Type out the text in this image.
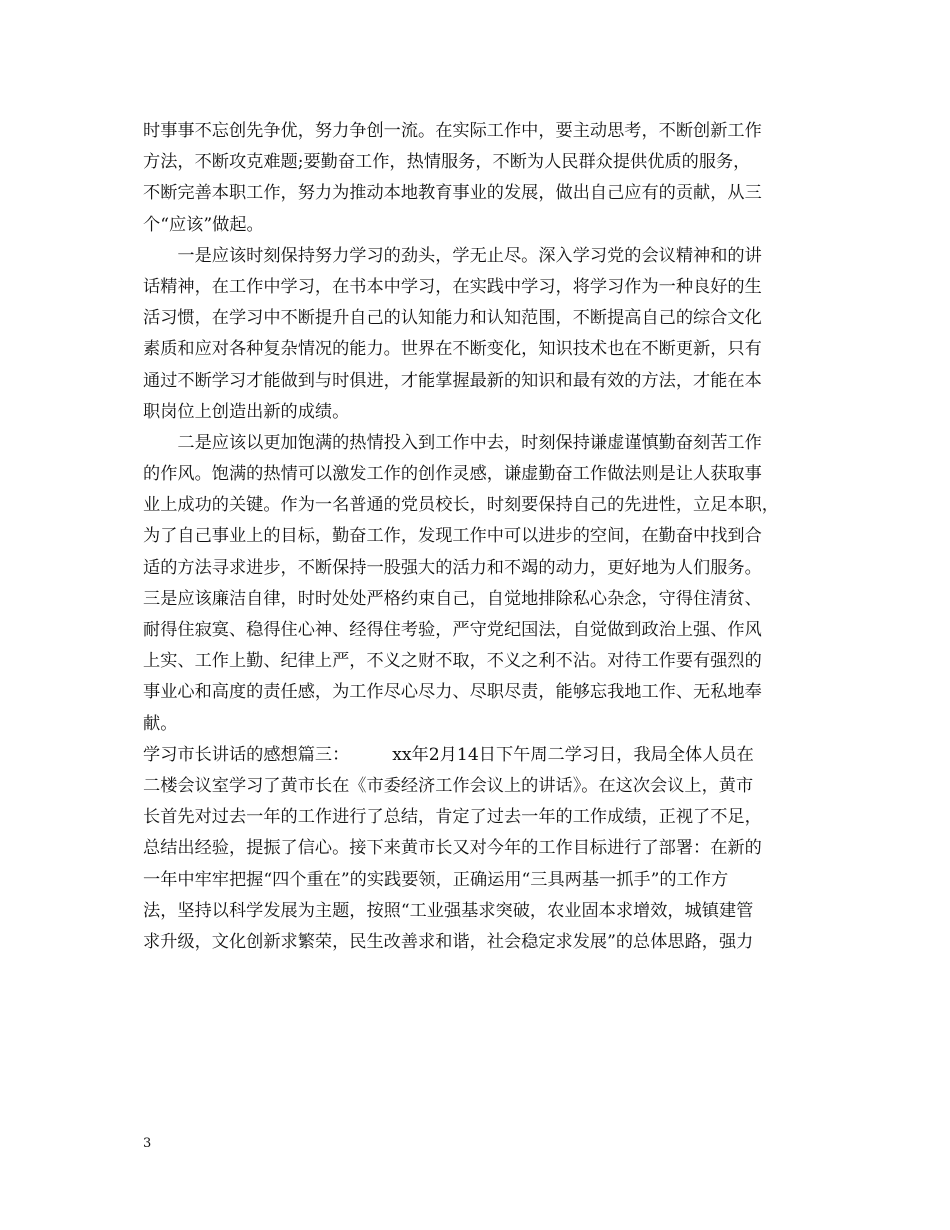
时事事不忘创先争优，努力争创一流。在实际工作中，要主动思考，不断创新工作
方法，不断攻克难题;要勤奋工作，热情服务，不断为人民群众提供优质的服务，
不断完善本职工作，努力为推动本地教育事业的发展，做出自己应有的贡献，从三
个“应该”做起。
　　一是应该时刻保持努力学习的劲头，学无止尽。深入学习党的会议精神和的讲
话精神，在工作中学习，在书本中学习，在实践中学习，将学习作为一种良好的生
活习惯，在学习中不断提升自己的认知能力和认知范围，不断提高自己的综合文化
素质和应对各种复杂情况的能力。世界在不断变化，知识技术也在不断更新，只有
通过不断学习才能做到与时俱进，才能掌握最新的知识和最有效的方法，才能在本
职岗位上创造出新的成绩。
　　二是应该以更加饱满的热情投入到工作中去，时刻保持谦虚谨慎勤奋刻苦工作
的作风。饱满的热情可以激发工作的创作灵感，谦虚勤奋工作做法则是让人获取事
业上成功的关键。作为一名普通的党员校长，时刻要保持自己的先进性，立足本职，
为了自己事业上的目标，勤奋工作，发现工作中可以进步的空间，在勤奋中找到合
适的方法寻求进步，不断保持一股强大的活力和不竭的动力，更好地为人们服务。
三是应该廉洁自律，时时处处严格约束自己，自觉地排除私心杂念，守得住清贫、
耐得住寂寞、稳得住心神、经得住考验，严守党纪国法，自觉做到政治上强、作风
上实、工作上勤、纪律上严，不义之财不取，不义之利不沾。对待工作要有强烈的
事业心和高度的责任感，为工作尽心尽力、尽职尽责，能够忘我地工作、无私地奉
献。
学习市长讲话的感想篇三：　　　xx年2月14日下午周二学习日，我局全体人员在
二楼会议室学习了黄市长在《市委经济工作会议上的讲话》。在这次会议上，黄市
长首先对过去一年的工作进行了总结，肯定了过去一年的工作成绩，正视了不足，
总结出经验，提振了信心。接下来黄市长又对今年的工作目标进行了部署：在新的
一年中牢牢把握“四个重在”的实践要领，正确运用“三具两基一抓手”的工作方
法，坚持以科学发展为主题，按照“工业强基求突破，农业固本求增效，城镇建管
求升级，文化创新求繁荣，民生改善求和谐，社会稳定求发展”的总体思路，强力
3
